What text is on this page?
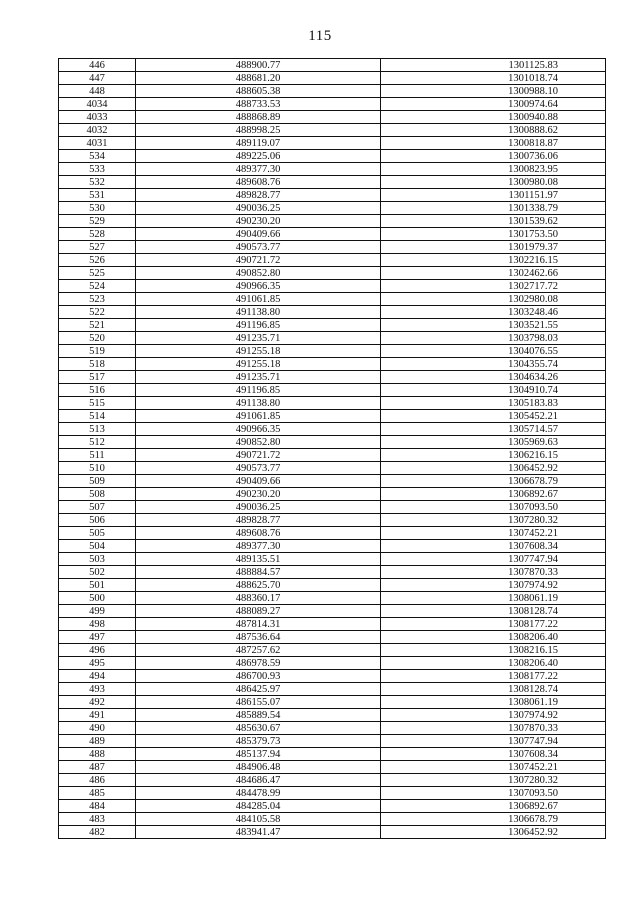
115
446	488900.77	1301125.83
447	488681.20	1301018.74
448	488605.38	1300988.10
4034	488733.53	1300974.64
4033	488868.89	1300940.88
4032	488998.25	1300888.62
4031	489119.07	1300818.87
534	489225.06	1300736.06
533	489377.30	1300823.95
532	489608.76	1300980.08
531	489828.77	1301151.97
530	490036.25	1301338.79
529	490230.20	1301539.62
528	490409.66	1301753.50
527	490573.77	1301979.37
526	490721.72	1302216.15
525	490852.80	1302462.66
524	490966.35	1302717.72
523	491061.85	1302980.08
522	491138.80	1303248.46
521	491196.85	1303521.55
520	491235.71	1303798.03
519	491255.18	1304076.55
518	491255.18	1304355.74
517	491235.71	1304634.26
516	491196.85	1304910.74
515	491138.80	1305183.83
514	491061.85	1305452.21
513	490966.35	1305714.57
512	490852.80	1305969.63
511	490721.72	1306216.15
510	490573.77	1306452.92
509	490409.66	1306678.79
508	490230.20	1306892.67
507	490036.25	1307093.50
506	489828.77	1307280.32
505	489608.76	1307452.21
504	489377.30	1307608.34
503	489135.51	1307747.94
502	488884.57	1307870.33
501	488625.70	1307974.92
500	488360.17	1308061.19
499	488089.27	1308128.74
498	487814.31	1308177.22
497	487536.64	1308206.40
496	487257.62	1308216.15
495	486978.59	1308206.40
494	486700.93	1308177.22
493	486425.97	1308128.74
492	486155.07	1308061.19
491	485889.54	1307974.92
490	485630.67	1307870.33
489	485379.73	1307747.94
488	485137.94	1307608.34
487	484906.48	1307452.21
486	484686.47	1307280.32
485	484478.99	1307093.50
484	484285.04	1306892.67
483	484105.58	1306678.79
482	483941.47	1306452.92
